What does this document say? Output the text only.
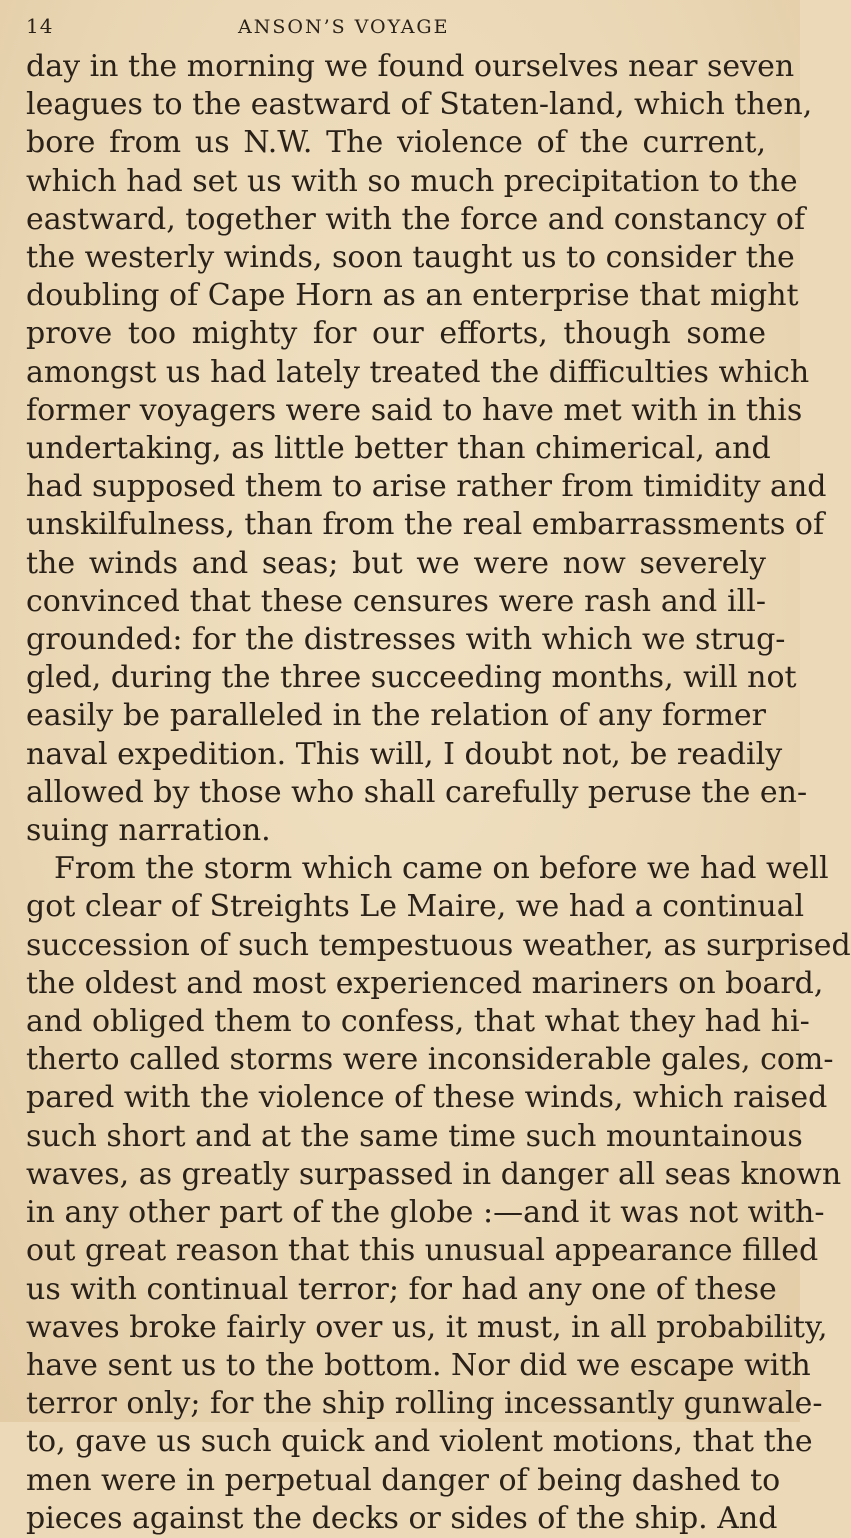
14	ANSON’S VOYAGE
day in the morning we found ourselves near seven
leagues to the eastward of Staten-land, which then,
bore from us N.W. The violence of the current,
which had set us with so much precipitation to the
eastward, together with the force and constancy of
the westerly winds, soon taught us to consider the
doubling of Cape Horn as an enterprise that might
prove too mighty for our efforts, though some
amongst us had lately treated the difficulties which
former voyagers were said to have met with in this
undertaking, as little better than chimerical, and
had supposed them to arise rather from timidity and
unskilfulness, than from the real embarrassments of
the winds and seas; but we were now severely
convinced that these censures were rash and ill-
grounded: for the distresses with which we strug-
gled, during the three succeeding months, will not
easily be paralleled in the relation of any former
naval expedition. This will, I doubt not, be readily
allowed by those who shall carefully peruse the en-
suing narration.
From the storm which came on before we had well
got clear of Streights Le Maire, we had a continual
succession of such tempestuous weather, as surprised
the oldest and most experienced mariners on board,
and obliged them to confess, that what they had hi-
therto called storms were inconsiderable gales, com-
pared with the violence of these winds, which raised
such short and at the same time such mountainous
waves, as greatly surpassed in danger all seas known
in any other part of the globe :—and it was not with-
out great reason that this unusual appearance filled
us with continual terror; for had any one of these
waves broke fairly over us, it must, in all probability,
have sent us to the bottom. Nor did we escape with
terror only; for the ship rolling incessantly gunwale-
to, gave us such quick and violent motions, that the
men were in perpetual danger of being dashed to
pieces against the decks or sides of the ship. And
